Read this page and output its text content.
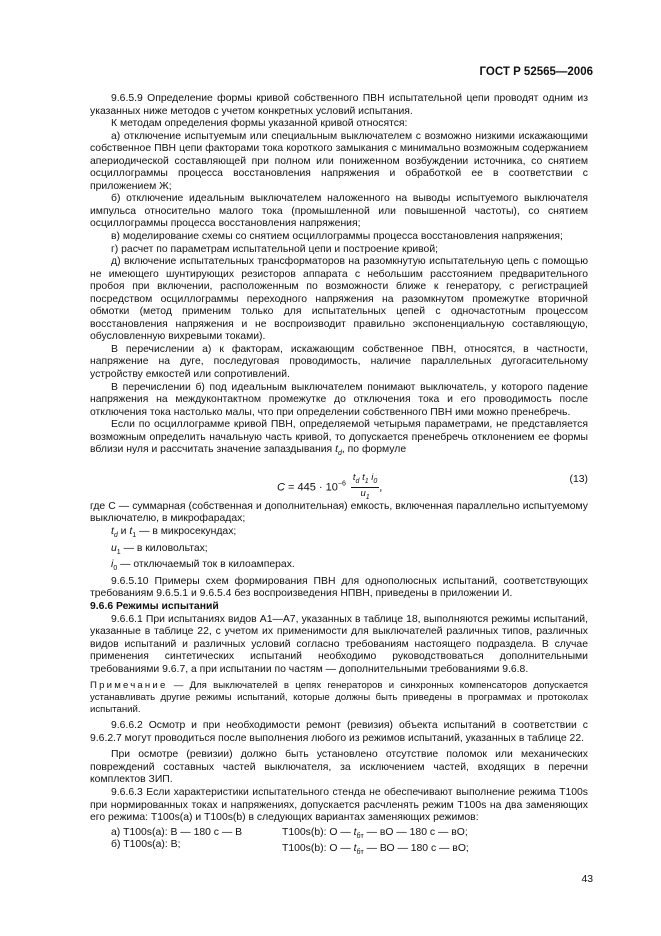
ГОСТ Р 52565—2006

9.6.5.9 Определение формы кривой собственного ПВН испытательной цепи проводят одним из указанных ниже методов с учетом конкретных условий испытания.

К методам определения формы указанной кривой относятся:

а) отключение испытуемым или специальным выключателем с возможно низкими искажающими собственное ПВН цепи факторами тока короткого замыкания с минимально возможным содержанием апериодической составляющей при полном или пониженном возбуждении источника, со снятием осциллограммы процесса восстановления напряжения и обработкой ее в соответствии с приложением Ж;

б) отключение идеальным выключателем наложенного на выводы испытуемого выключателя импульса относительно малого тока (промышленной или повышенной частоты), со снятием осциллограммы процесса восстановления напряжения;

в) моделирование схемы со снятием осциллограммы процесса восстановления напряжения;

г) расчет по параметрам испытательной цепи и построение кривой;

д) включение испытательных трансформаторов на разомкнутую испытательную цепь с помощью не имеющего шунтирующих резисторов аппарата с небольшим расстоянием предварительного пробоя при включении, расположенным по возможности ближе к генератору, с регистрацией посредством осциллограммы переходного напряжения на разомкнутом промежутке вторичной обмотки (метод применим только для испытательных цепей с одночастотным процессом восстановления напряжения и не воспроизводит правильно экспоненциальную составляющую, обусловленную вихревыми токами).

В перечислении а) к факторам, искажающим собственное ПВН, относятся, в частности, напряжение на дуге, последуговая проводимость, наличие параллельных дугогасительному устройству емкостей или сопротивлений.

В перечислении б) под идеальным выключателем понимают выключатель, у которого падение напряжения на междуконтактном промежутке до отключения тока и его проводимость после отключения тока настолько малы, что при определении собственного ПВН ими можно пренебречь.

Если по осциллограмме кривой ПВН, определяемой четырьмя параметрами, не представляется возможным определить начальную часть кривой, то допускается пренебречь отклонением ее формы вблизи нуля и рассчитать значение запаздывания $t_d$, по формуле

$C = 445 \cdot 10^{-6} \frac{t_d t_1 i_0}{u_1}$ ,
(13)

где C — суммарная (собственная и дополнительная) емкость, включенная параллельно испытуемому выключателю, в микрофарадах;

$t_d$ и $t_1$ — в микросекундах;

$u_1$ — в киловольтах;

$i_0$ — отключаемый ток в килоамперах.

9.6.5.10 Примеры схем формирования ПВН для однополюсных испытаний, соответствующих требованиям 9.6.5.1 и 9.6.5.4 без воспроизведения НПВН, приведены в приложении И.

9.6.6 Режимы испытаний

9.6.6.1 При испытаниях видов А1—А7, указанных в таблице 18, выполняются режимы испытаний, указанные в таблице 22, с учетом их применимости для выключателей различных типов, различных видов испытаний и различных условий согласно требованиям настоящего подраздела. В случае применения синтетических испытаний необходимо руководствоваться дополнительными требованиями 9.6.7, а при испытании по частям — дополнительными требованиями 9.6.8.

Примечание — Для выключателей в цепях генераторов и синхронных компенсаторов допускается устанавливать другие режимы испытаний, которые должны быть приведены в программах и протоколах испытаний.

9.6.6.2 Осмотр и при необходимости ремонт (ревизия) объекта испытаний в соответствии с 9.6.2.7 могут проводиться после выполнения любого из режимов испытаний, указанных в таблице 22.

При осмотре (ревизии) должно быть установлено отсутствие поломок или механических повреждений составных частей выключателя, за исключением частей, входящих в перечни комплектов ЗИП.

9.6.6.3 Если характеристики испытательного стенда не обеспечивают выполнение режима Т100s при нормированных токах и напряжениях, допускается расчленять режим Т100s на два заменяющих его режима: Т100s(a) и Т100s(b) в следующих вариантах заменяющих режимов:

а) Т100s(a): В — 180 с — В
б) Т100s(a): В;
Т100s(b): О — $t_{бт}$ — вО — 180 с — вО;
Т100s(b): О — $t_{бт}$ — ВО — 180 с — вО;
43
